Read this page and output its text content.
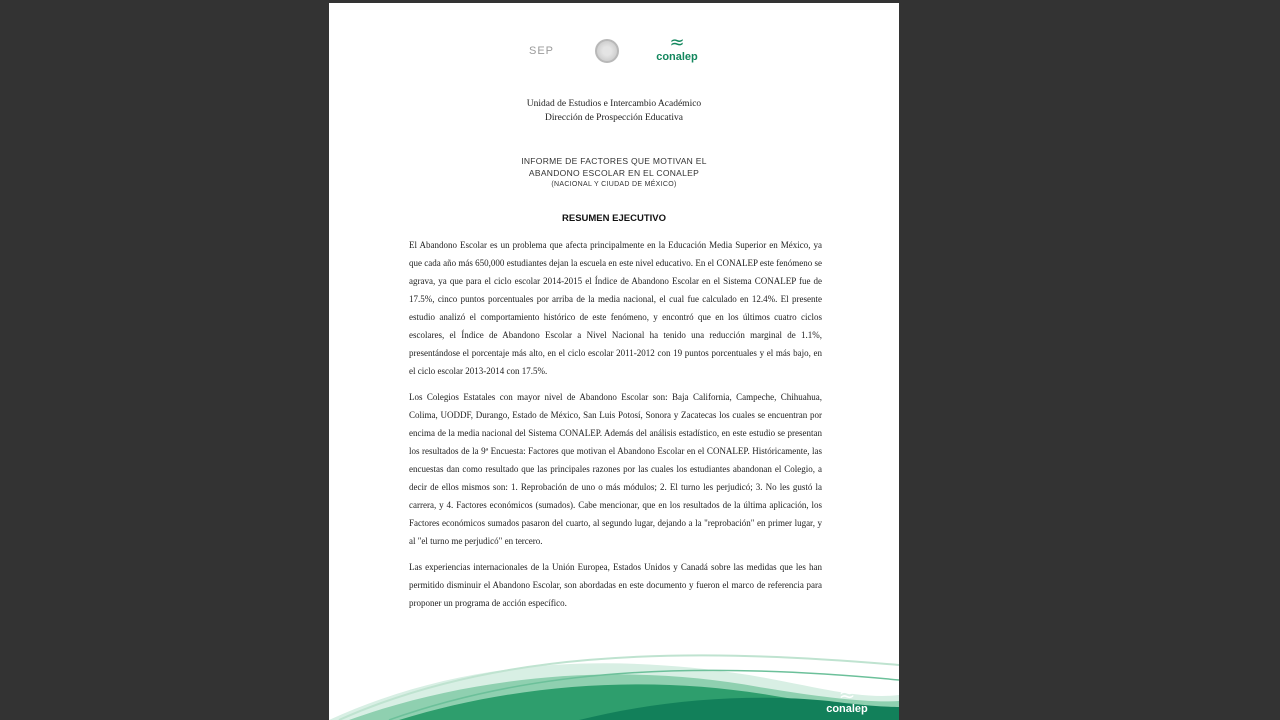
SEP	≈
conalep
Unidad de Estudios e Intercambio Académico
Dirección de Prospección Educativa
INFORME DE FACTORES QUE MOTIVAN EL
ABANDONO ESCOLAR EN EL CONALEP
(NACIONAL Y CIUDAD DE MÉXICO)
RESUMEN EJECUTIVO

El Abandono Escolar es un problema que afecta principalmente en la Educación Media Superior en México, ya que cada año más 650,000 estudiantes dejan la escuela en este nivel educativo. En el CONALEP este fenómeno se agrava, ya que para el ciclo escolar 2014-2015 el Índice de Abandono Escolar en el Sistema CONALEP fue de 17.5%, cinco puntos porcentuales por arriba de la media nacional, el cual fue calculado en 12.4%. El presente estudio analizó el comportamiento histórico de este fenómeno, y encontró que en los últimos cuatro ciclos escolares, el Índice de Abandono Escolar a Nivel Nacional ha tenido una reducción marginal de 1.1%, presentándose el porcentaje más alto, en el ciclo escolar 2011-2012 con 19 puntos porcentuales y el más bajo, en el ciclo escolar 2013-2014 con 17.5%.

Los Colegios Estatales con mayor nivel de Abandono Escolar son: Baja California, Campeche, Chihuahua, Colima, UODDF, Durango, Estado de México, San Luis Potosí, Sonora y Zacatecas los cuales se encuentran por encima de la media nacional del Sistema CONALEP. Además del análisis estadístico, en este estudio se presentan los resultados de la 9ª Encuesta: Factores que motivan el Abandono Escolar en el CONALEP. Históricamente, las encuestas dan como resultado que las principales razones por las cuales los estudiantes abandonan el Colegio, a decir de ellos mismos son: 1. Reprobación de uno o más módulos; 2. El turno les perjudicó; 3. No les gustó la carrera, y 4. Factores económicos (sumados). Cabe mencionar, que en los resultados de la última aplicación, los Factores económicos sumados pasaron del cuarto, al segundo lugar, dejando a la "reprobación" en primer lugar, y al "el turno me perjudicó" en tercero.

Las experiencias internacionales de la Unión Europea, Estados Unidos y Canadá sobre las medidas que les han permitido disminuir el Abandono Escolar, son abordadas en este documento y fueron el marco de referencia para proponer un programa de acción específico.

≈
conalep
